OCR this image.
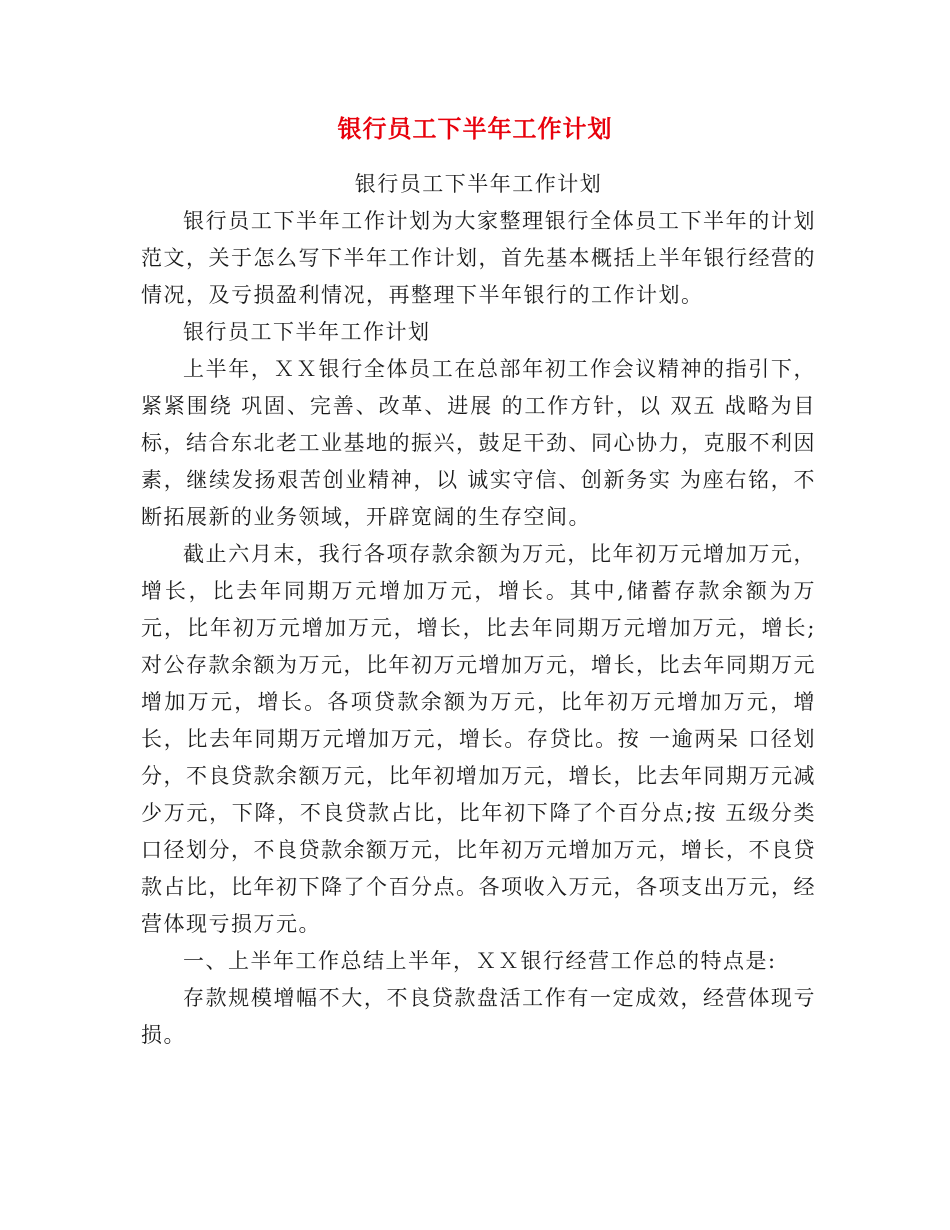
银行员工下半年工作计划

银行员工下半年工作计划

银行员工下半年工作计划为大家整理银行全体员工下半年的计划范文，关于怎么写下半年工作计划，首先基本概括上半年银行经营的情况，及亏损盈利情况，再整理下半年银行的工作计划。

银行员工下半年工作计划

上半年，ＸＸ银行全体员工在总部年初工作会议精神的指引下，紧紧围绕 巩固、完善、改革、进展 的工作方针，以 双五 战略为目标，结合东北老工业基地的振兴，鼓足干劲、同心协力，克服不利因素，继续发扬艰苦创业精神，以 诚实守信、创新务实 为座右铭，不断拓展新的业务领域，开辟宽阔的生存空间。

截止六月末，我行各项存款余额为万元，比年初万元增加万元，增长，比去年同期万元增加万元，增长。其中,储蓄存款余额为万元，比年初万元增加万元，增长，比去年同期万元增加万元，增长;对公存款余额为万元，比年初万元增加万元，增长，比去年同期万元增加万元，增长。各项贷款余额为万元，比年初万元增加万元，增长，比去年同期万元增加万元，增长。存贷比。按 一逾两呆 口径划分，不良贷款余额万元，比年初增加万元，增长，比去年同期万元减少万元，下降，不良贷款占比，比年初下降了个百分点;按 五级分类 口径划分，不良贷款余额万元，比年初万元增加万元，增长，不良贷款占比，比年初下降了个百分点。各项收入万元，各项支出万元，经营体现亏损万元。

一、上半年工作总结上半年，ＸＸ银行经营工作总的特点是:

存款规模增幅不大，不良贷款盘活工作有一定成效，经营体现亏损。
